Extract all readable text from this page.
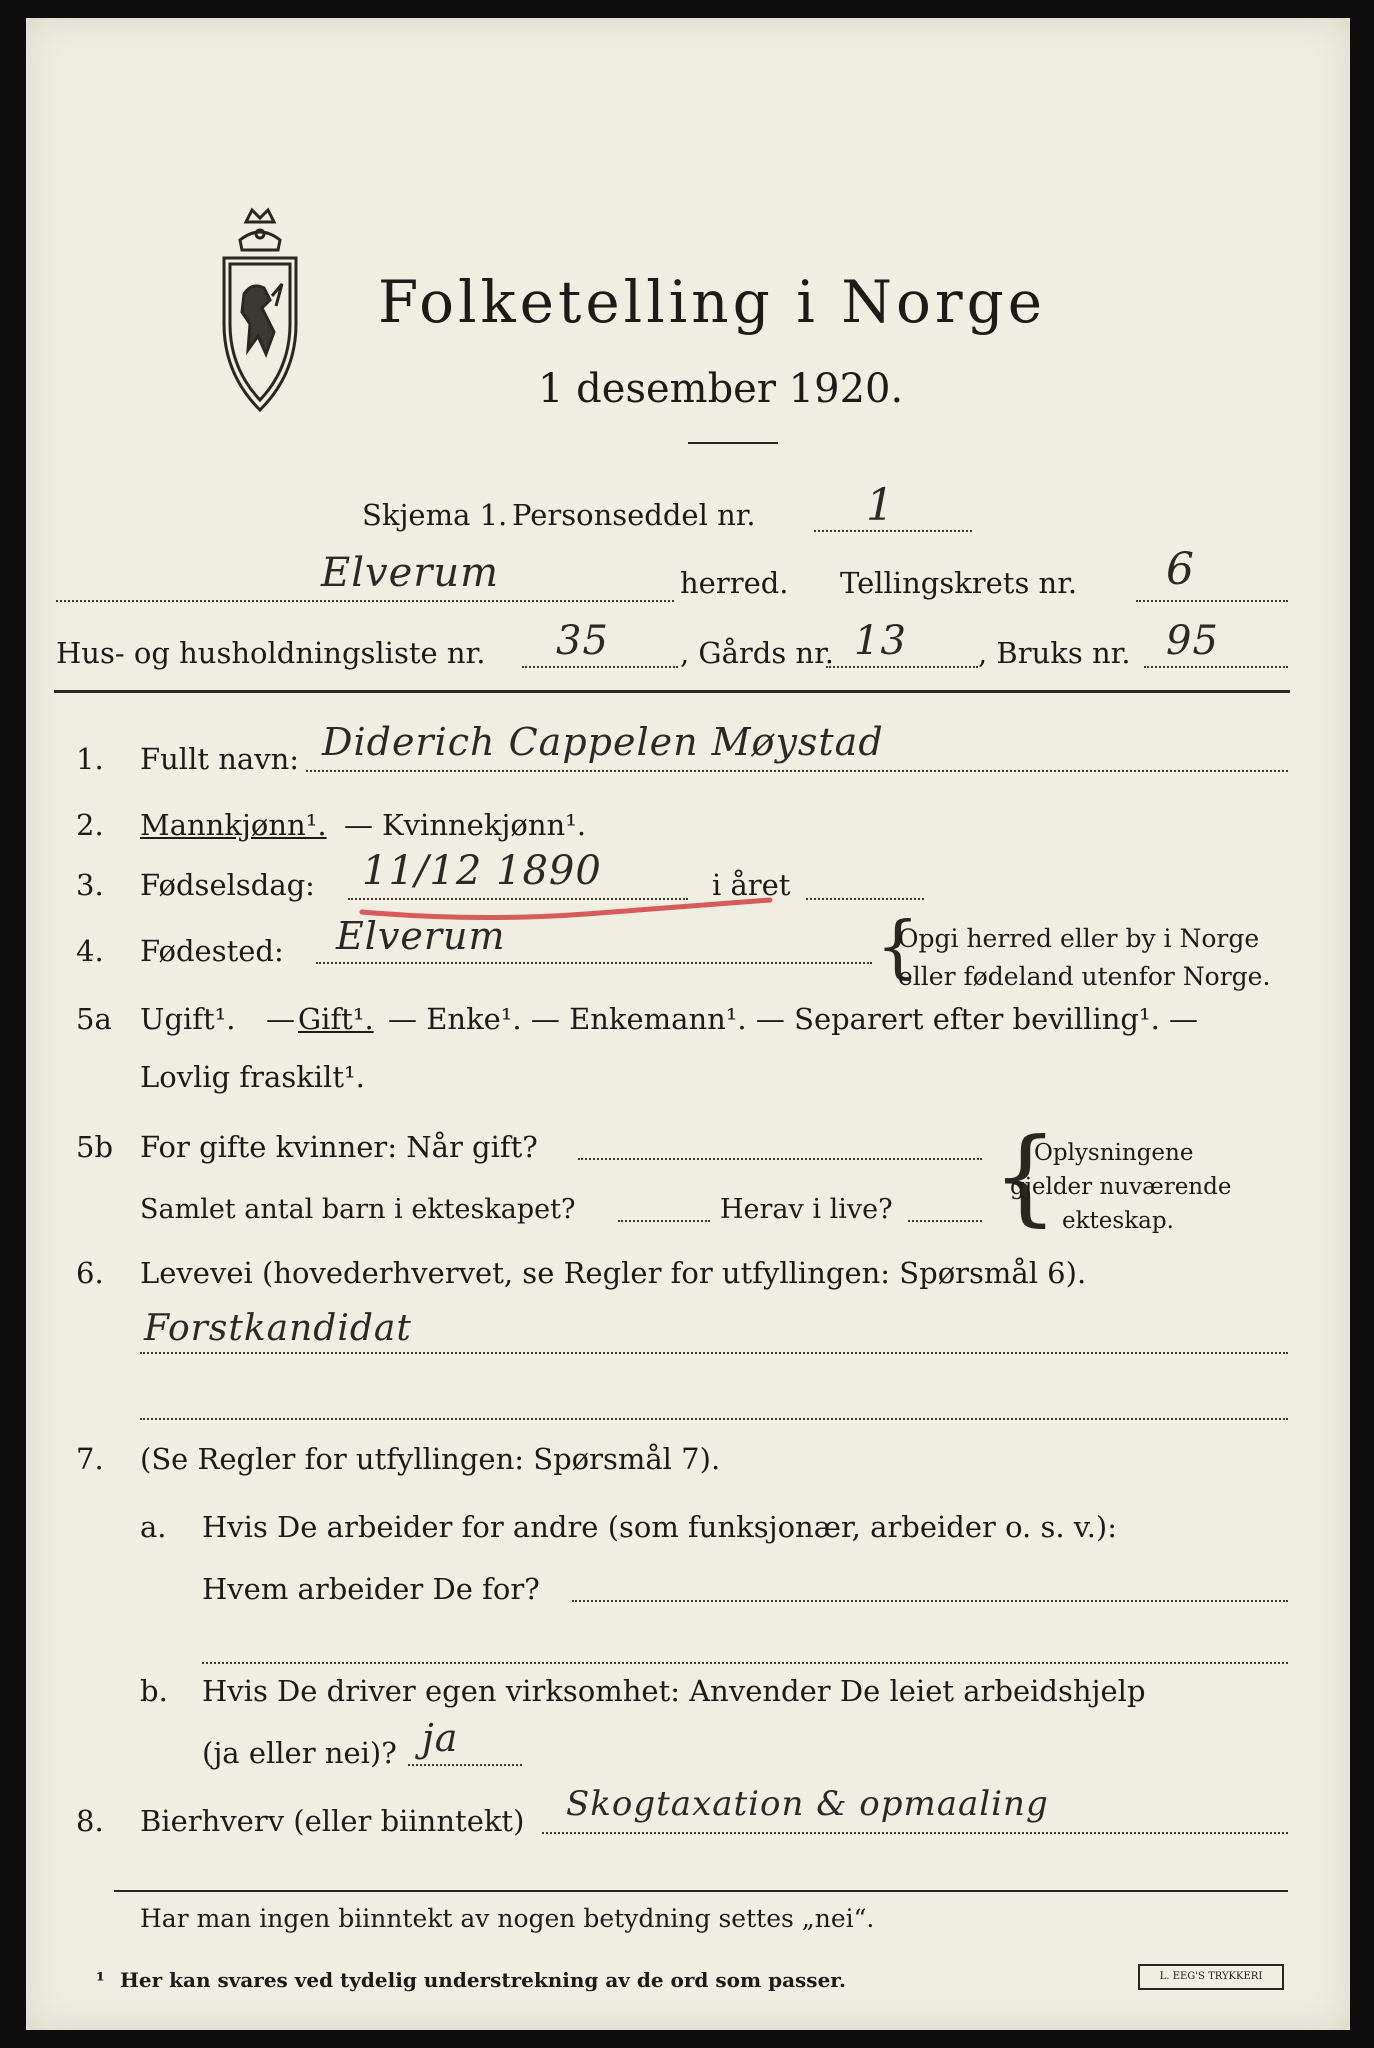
Folketelling i Norge
1 desember 1920.
Skjema 1. Personseddel nr.	1
Elverum	herred. Tellingskrets nr. 6
Hus- og husholdningsliste nr. 35 , Gårds nr. 13 , Bruks nr. 95
1. Fullt navn: Diderich Cappelen Møystad
2. Mannkjønn¹. — Kvinnekjønn¹.
3. Fødselsdag: 11/12 1890	i året
4. Fødested: Elverum	{
Opgi herred eller by i Norge
eller fødeland utenfor Norge.
5a Ugift¹. — Gift¹. — Enke¹. — Enkemann¹. — Separert efter bevilling¹. —
Lovlig fraskilt¹.
5b For gifte kvinner: Når gift?
Samlet antal barn i ekteskapet?	Herav i live? {
Oplysningene
gjelder nuværende
ekteskap.
6. Levevei (hovederhvervet, se Regler for utfyllingen: Spørsmål 6).
Forstkandidat
7. (Se Regler for utfyllingen: Spørsmål 7).
a. Hvis De arbeider for andre (som funksjonær, arbeider o. s. v.):
Hvem arbeider De for?
b. Hvis De driver egen virksomhet: Anvender De leiet arbeidshjelp
(ja eller nei)? ja
8. Bierhverv (eller biinntekt) Skogtaxation & opmaaling
Har man ingen biinntekt av nogen betydning settes „nei“.
¹ Her kan svares ved tydelig understrekning av de ord som passer.	L. EEG'S TRYKKERI
